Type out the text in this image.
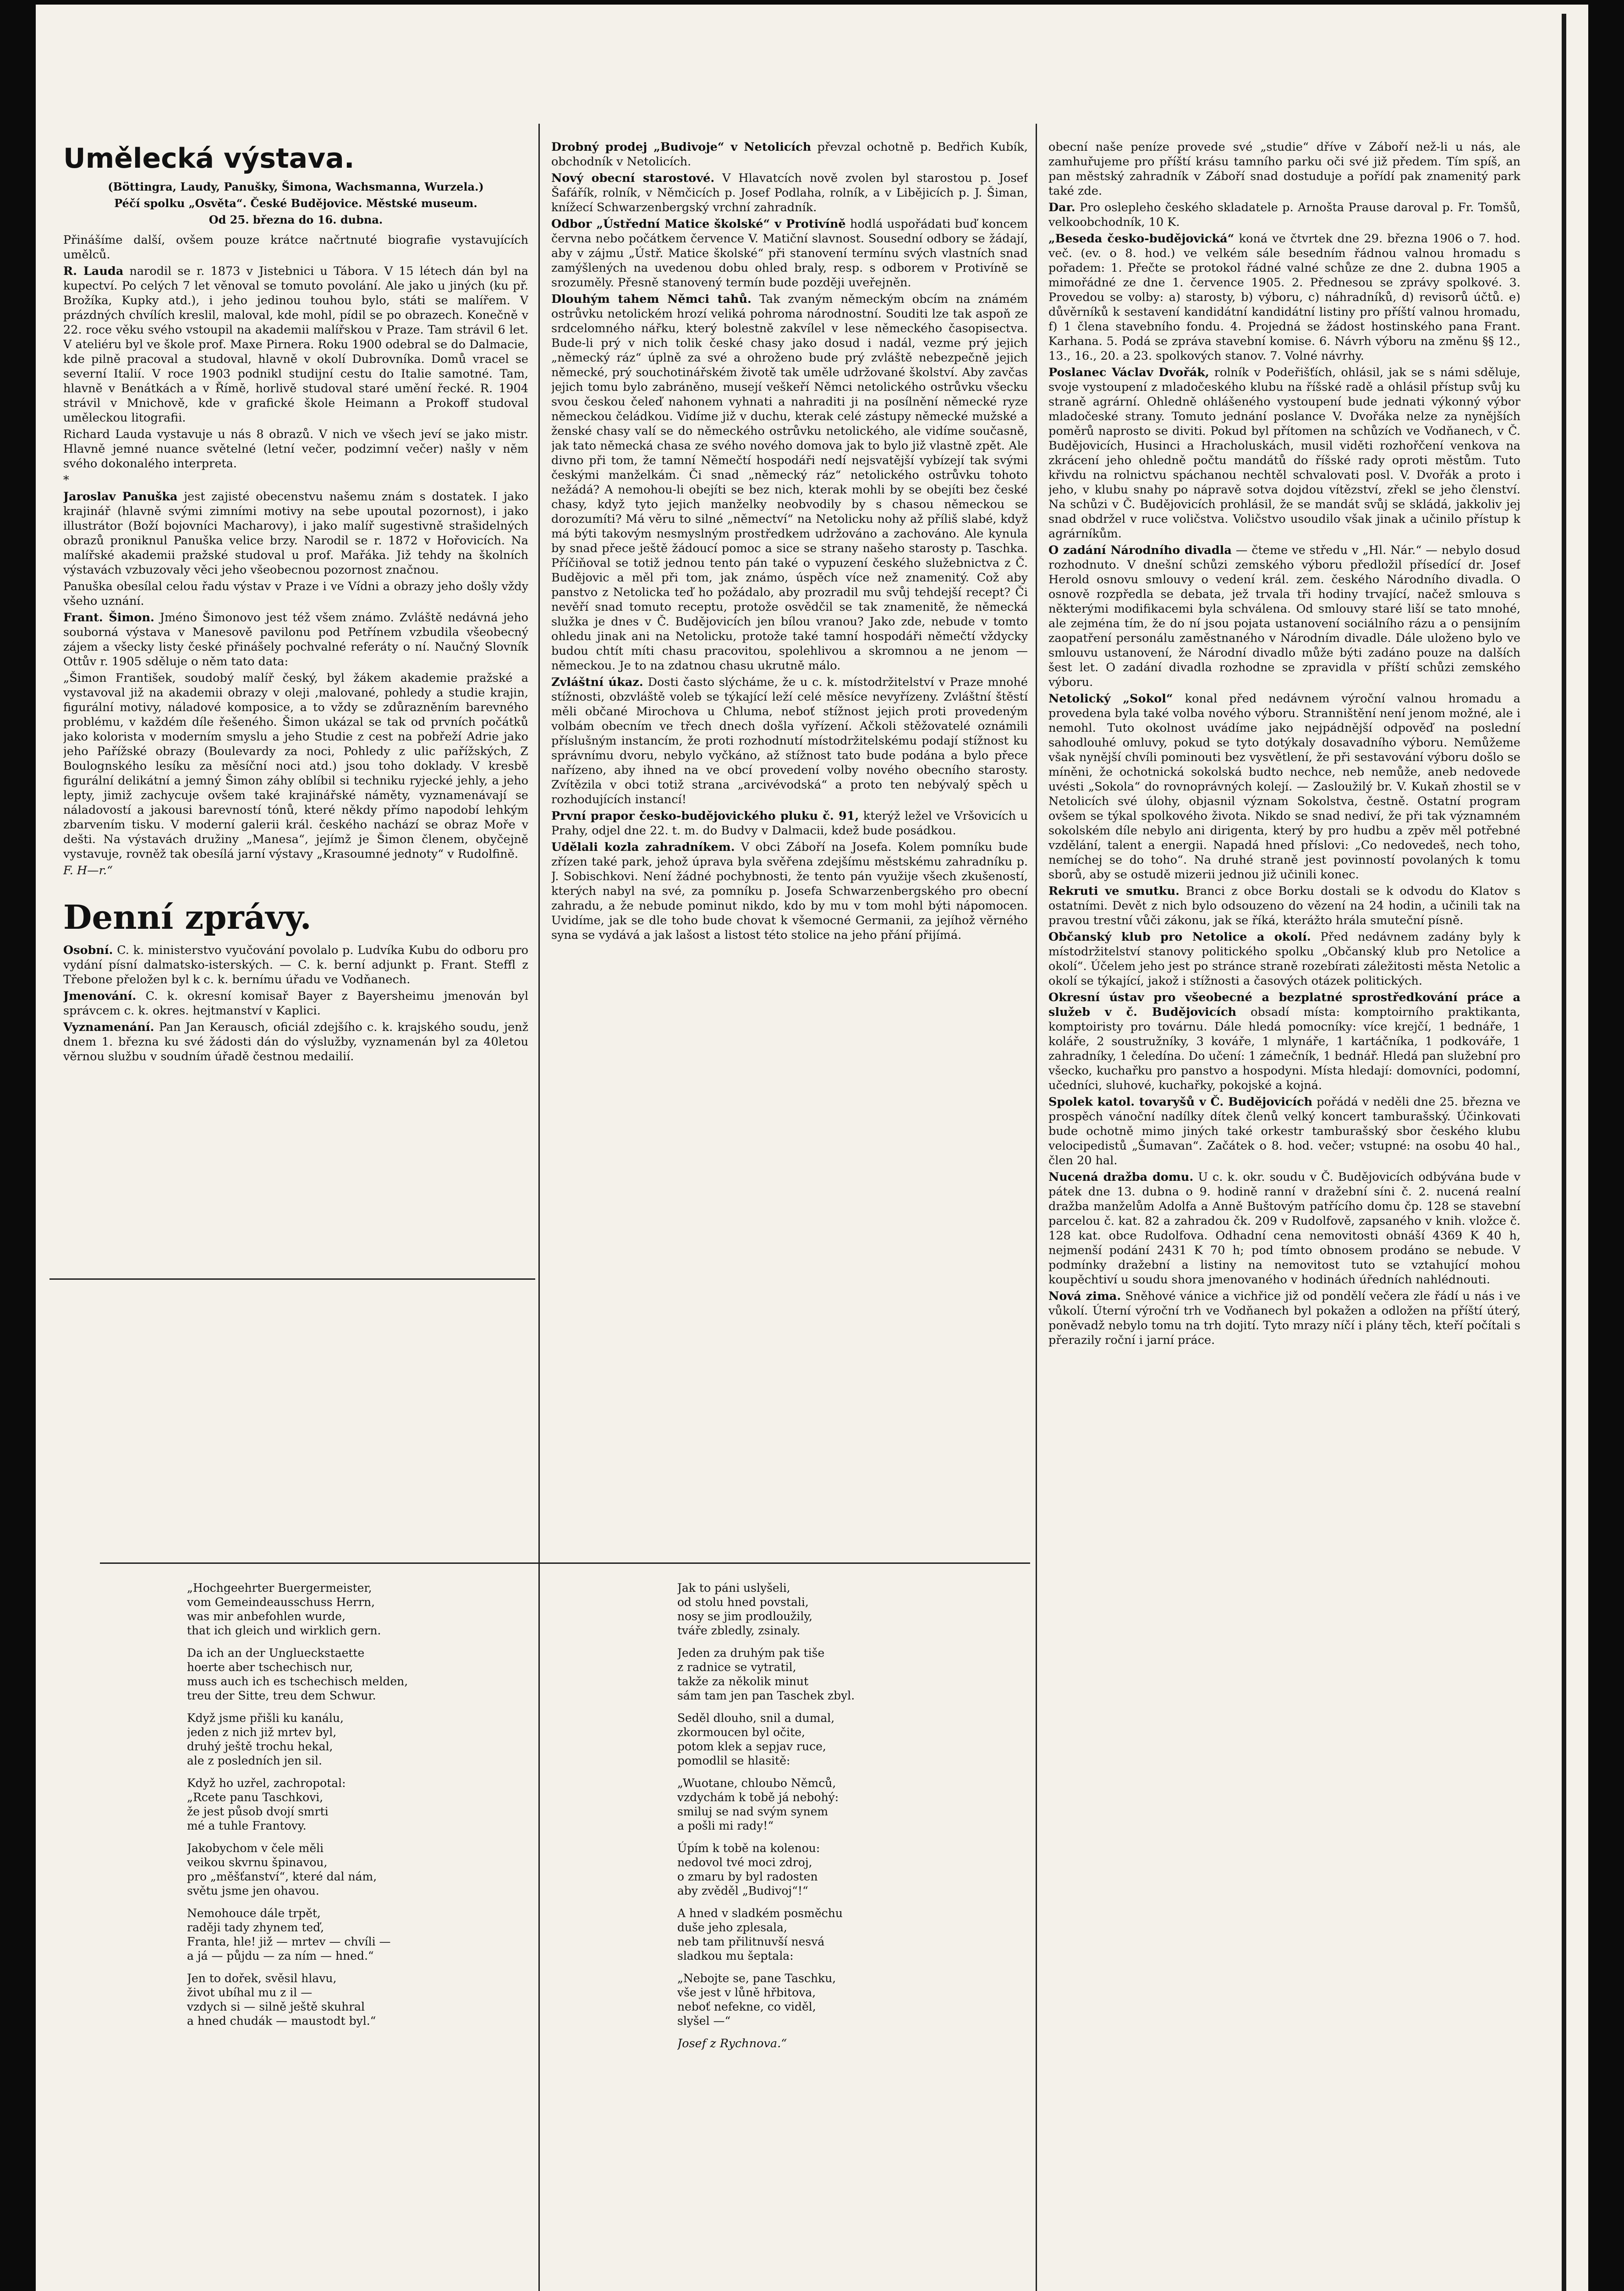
Umělecká výstava.

(Böttingra, Laudy, Panušky, Šimona, Wachsmanna, Wurzela.)

Péčí spolku „Osvěta“. České Budějovice. Městské museum.

Od 25. března do 16. dubna.

Přinášíme další, ovšem pouze krátce načrtnuté biografie vystavujících umělců.

R. Lauda narodil se r. 1873 v Jistebnici u Tábora. V 15 létech dán byl na kupectví. Po celých 7 let věnoval se tomuto povolání. Ale jako u jiných (ku př. Brožíka, Kupky atd.), i jeho jedinou touhou bylo, státi se malířem. V prázdných chvílích kreslil, maloval, kde mohl, pídil se po obrazech. Konečně v 22. roce věku svého vstoupil na akademii malířskou v Praze. Tam strávil 6 let. V ateliéru byl ve škole prof. Maxe Pirnera. Roku 1900 odebral se do Dalmacie, kde pilně pracoval a studoval, hlavně v okolí Dubrovníka. Domů vracel se severní Italií. V roce 1903 podnikl studijní cestu do Italie samotné. Tam, hlavně v Benátkách a v Římě, horlivě studoval staré umění řecké. R. 1904 strávil v Mnichově, kde v grafické škole Heimann a Prokoff studoval uměleckou litografii.

Richard Lauda vystavuje u nás 8 obrazů. V nich ve všech jeví se jako mistr. Hlavně jemné nuance světelné (letní večer, podzimní večer) našly v něm svého dokonalého interpreta.

*

Jaroslav Panuška jest zajisté obecenstvu našemu znám s dostatek. I jako krajinář (hlavně svými zimními motivy na sebe upoutal pozornost), i jako illustrátor (Boží bojovníci Macharovy), i jako malíř sugestivně strašidelných obrazů proniknul Panuška velice brzy. Narodil se r. 1872 v Hořovicích. Na malířské akademii pražské studoval u prof. Mařáka. Již tehdy na školních výstavách vzbuzovaly věci jeho všeobecnou pozornost značnou.

Panuška obesílal celou řadu výstav v Praze i ve Vídni a obrazy jeho došly vždy všeho uznání.

Frant. Šimon. Jméno Šimonovo jest též všem známo. Zvláště nedávná jeho souborná výstava v Manesově pavilonu pod Petřínem vzbudila všeobecný zájem a všecky listy české přinášely pochvalné referáty o ní. Naučný Slovník Ottův r. 1905 sděluje o něm tato data:

„Šimon František, soudobý malíř český, byl žákem akademie pražské a vystavoval již na akademii obrazy v oleji ,malované, pohledy a studie krajin, figurální motivy, náladové komposice, a to vždy se zdůrazněním barevného problému, v každém díle řešeného. Šimon ukázal se tak od prvních počátků jako kolorista v moderním smyslu a jeho Studie z cest na pobřeží Adrie jako jeho Pařížské obrazy (Boulevardy za noci, Pohledy z ulic pařížských, Z Boulognského lesíku za měsíční noci atd.) jsou toho doklady. V kresbě figurální delikátní a jemný Šimon záhy oblíbil si techniku ryjecké jehly, a jeho lepty, jimiž zachycuje ovšem také krajinářské náměty, vyznamenávají se náladovostí a jakousi barevností tónů, které někdy přímo napodobí lehkým zbarvením tisku. V moderní galerii král. českého nachází se obraz Moře v dešti. Na výstavách družiny „Manesa“, jejímž je Šimon členem, obyčejně vystavuje, rovněž tak obesílá jarní výstavy „Krasoumné jednoty“ v Rudolfině.

F. H—r.“

Denní zprávy.

Osobní. C. k. ministerstvo vyučování povolalo p. Ludvíka Kubu do odboru pro vydání písní dalmatsko-isterských. — C. k. berní adjunkt p. Frant. Steffl z Třebone přeložen byl k c. k. bernímu úřadu ve Vodňanech.

Jmenování. C. k. okresní komisař Bayer z Bayersheimu jmenován byl správcem c. k. okres. hejtmanství v Kaplici.

Vyznamenání. Pan Jan Kerausch, oficiál zdejšího c. k. krajského soudu, jenž dnem 1. března ku své žádosti dán do výslužby, vyznamenán byl za 40letou věrnou službu v soudním úřadě čestnou medailií.

„Hochgeehrter Buergermeister,
vom Gemeindeausschuss Herrn,
was mir anbefohlen wurde,
that ich gleich und wirklich gern.
Da ich an der Unglueckstaette
hoerte aber tschechisch nur,
muss auch ich es tschechisch melden,
treu der Sitte, treu dem Schwur.
Když jsme přišli ku kanálu,
jeden z nich již mrtev byl,
druhý ještě trochu hekal,
ale z posledních jen sil.
Když ho uzřel, zachropotal:
„Rcete panu Taschkovi,
že jest působ dvojí smrti
mé a tuhle Frantovy.
Jakobychom v čele měli
veikou skvrnu špinavou,
pro „měšťanství“, které dal nám,
světu jsme jen ohavou.
Nemohouce dále trpět,
raději tady zhynem teď,
Franta, hle! již — mrtev — chvíli —
a já — půjdu — za ním — hned.“
Jen to dořek, svěsil hlavu,
život ubíhal mu z il —
vzdych si — silně ještě skuhral
a hned chudák — maustodt byl.“

Drobný prodej „Budivoje“ v Netolicích převzal ochotně p. Bedřich Kubík, obchodník v Netolicích.

Nový obecní starostové. V Hlavatcích nově zvolen byl starostou p. Josef Šafářík, rolník, v Němčicích p. Josef Podlaha, rolník, a v Libějicích p. J. Šiman, knížecí Schwarzenbergský vrchní zahradník.

Odbor „Ústřední Matice školské“ v Protivíně hodlá uspořádati buď koncem června nebo počátkem července V. Matiční slavnost. Sousední odbory se žádají, aby v zájmu „Ústř. Matice školské“ při stanovení termínu svých vlastních snad zamýšlených na uvedenou dobu ohled braly, resp. s odborem v Protivíně se srozuměly. Přesně stanovený termín bude později uveřejněn.

Dlouhým tahem Němci tahů. Tak zvaným německým obcím na známém ostrůvku netolickém hrozí veliká pohroma národnostní. Souditi lze tak aspoň ze srdcelomného nářku, který bolestně zakvílel v lese německého časopisectva. Bude-li prý v nich tolik české chasy jako dosud i nadál, vezme prý jejich „německý ráz“ úplně za své a ohroženo bude prý zvláště nebezpečně jejich německé, prý souchotinářském životě tak uměle udržované školství. Aby zavčas jejich tomu bylo zabráněno, musejí veškeří Němci netolického ostrůvku všecku svou českou čeleď nahonem vyhnati a nahraditi ji na posílnění německé ryze německou čeládkou. Vidíme již v duchu, kterak celé zástupy německé mužské a ženské chasy valí se do německého ostrůvku netolického, ale vidíme současně, jak tato německá chasa ze svého nového domova jak to bylo již vlastně zpět. Ale divno při tom, že tamní Němečtí hospodáři nedí nejsvatější vybízejí tak svými českými manželkám. Či snad „německý ráz“ netolického ostrůvku tohoto nežádá? A nemohou-li obejíti se bez nich, kterak mohli by se obejíti bez české chasy, když tyto jejich manželky neobvodily by s chasou německou se dorozumíti? Má věru to silné „němectví“ na Netolicku nohy až příliš slabé, když má býti takovým nesmyslným prostředkem udržováno a zachováno. Ale kynula by snad přece ještě žádoucí pomoc a sice se strany našeho starosty p. Taschka. Příčiňoval se totiž jednou tento pán také o vypuzení českého služebnictva z Č. Budějovic a měl při tom, jak známo, úspěch více než znamenitý. Což aby panstvo z Netolicka teď ho požádalo, aby prozradil mu svůj tehdejší recept? Či nevěří snad tomuto receptu, protože osvědčil se tak znamenitě, že německá služka je dnes v Č. Budějovicích jen bílou vranou? Jako zde, nebude v tomto ohledu jinak ani na Netolicku, protože také tamní hospodáři němečtí vždycky budou chtít míti chasu pracovitou, spolehlivou a skromnou a ne jenom — německou. Je to na zdatnou chasu ukrutně málo.

Zvláštní úkaz. Dosti často slýcháme, že u c. k. místodržitelství v Praze mnohé stížnosti, obzvláště voleb se týkající leží celé měsíce nevyřízeny. Zvláštní štěstí měli občané Mirochova u Chluma, neboť stížnost jejich proti provedeným volbám obecním ve třech dnech došla vyřízení. Ačkoli stěžovatelé oznámili příslušným instancím, že proti rozhodnutí místodržitelskému podají stížnost ku správnímu dvoru, nebylo vyčkáno, až stížnost tato bude podána a bylo přece nařízeno, aby ihned na ve obcí provedení volby nového obecního starosty. Zvítězila v obci totiž strana „arcivévodská“ a proto ten nebývalý spěch u rozhodujících instancí!

První prapor česko-budějovického pluku č. 91, kterýž ležel ve Vršovicích u Prahy, odjel dne 22. t. m. do Budvy v Dalmacii, kdež bude posádkou.

Udělali kozla zahradníkem. V obci Záboří na Josefa. Kolem pomníku bude zřízen také park, jehož úprava byla svěřena zdejšímu městskému zahradníku p. J. Sobischkovi. Není žádné pochybnosti, že tento pán využije všech zkušeností, kterých nabyl na své, za pomníku p. Josefa Schwarzenbergského pro obecní zahradu, a že nebude pominut nikdo, kdo by mu v tom mohl býti nápomocen. Uvidíme, jak se dle toho bude chovat k všemocné Germanii, za jejíhož věrného syna se vydává a jak lašost a listost této stolice na jeho přání přijímá.

Jak to páni uslyšeli,
od stolu hned povstali,
nosy se jim prodloužily,
tváře zbledly, zsinaly.
Jeden za druhým pak tiše
z radnice se vytratil,
takže za několik minut
sám tam jen pan Taschek zbyl.
Seděl dlouho, snil a dumal,
zkormoucen byl očite,
potom klek a sepjav ruce,
pomodlil se hlasitě:
„Wuotane, chloubo Němců,
vzdychám k tobě já nebohý:
smiluj se nad svým synem
a pošli mi rady!“
Úpím k tobě na kolenou:
nedovol tvé moci zdroj,
o zmaru by byl radosten
aby zvěděl „Budivoj“!“
A hned v sladkém posměchu
duše jeho zplesala,
neb tam přilitnuvší nesvá
sladkou mu šeptala:
„Nebojte se, pane Taschku,
vše jest v lůně hřbitova,
neboť nefekne, co viděl,
slyšel —“

Josef z Rychnova.“

obecní naše peníze provede své „studie“ dříve v Záboří než-li u nás, ale zamhuřujeme pro příští krásu tamního parku oči své již předem. Tím spíš, an pan městský zahradník v Záboří snad dostuduje a pořídí pak znamenitý park také zde.

Dar. Pro oslepleho českého skladatele p. Arnošta Prause daroval p. Fr. Tomšů, velkoobchodník, 10 K.

„Beseda česko-budějovická“ koná ve čtvrtek dne 29. března 1906 o 7. hod. več. (ev. o 8. hod.) ve velkém sále besedním řádnou valnou hromadu s pořadem: 1. Přečte se protokol řádné valné schůze ze dne 2. dubna 1905 a mimořádné ze dne 1. července 1905. 2. Přednesou se zprávy spolkové. 3. Provedou se volby: a) starosty, b) výboru, c) náhradníků, d) revisorů účtů. e) důvěrníků k sestavení kandidátní kandidátní listiny pro příští valnou hromadu, f) 1 člena stavebního fondu. 4. Projedná se žádost hostinského pana Frant. Karhana. 5. Podá se zpráva stavební komise. 6. Návrh výboru na změnu §§ 12., 13., 16., 20. a 23. spolkových stanov. 7. Volné návrhy.

Poslanec Václav Dvořák, rolník v Podeřišťích, ohlásil, jak se s námi sděluje, svoje vystoupení z mladočeského klubu na říšské radě a ohlásil přístup svůj ku straně agrární. Ohledně ohlášeného vystoupení bude jednati výkonný výbor mladočeské strany. Tomuto jednání poslance V. Dvořáka nelze za nynějších poměrů naprosto se diviti. Pokud byl přítomen na schůzích ve Vodňanech, v Č. Budějovicích, Husinci a Hracholuskách, musil viděti rozhořčení venkova na zkrácení jeho ohledně počtu mandátů do říšské rady oproti městům. Tuto křivdu na rolnictvu spáchanou nechtěl schvalovati posl. V. Dvořák a proto i jeho, v klubu snahy po nápravě sotva dojdou vítězství, zřekl se jeho členství. Na schůzi v Č. Budějovicích prohlásil, že se mandát svůj se skládá, jakkoliv jej snad obdržel v ruce voličstva. Voličstvo usoudilo však jinak a učinilo přístup k agrárníkům.

O zadání Národního divadla — čteme ve středu v „Hl. Nár.“ — nebylo dosud rozhodnuto. V dnešní schůzi zemského výboru předložil přísedící dr. Josef Herold osnovu smlouvy o vedení král. zem. českého Národního divadla. O osnově rozpředla se debata, jež trvala tři hodiny trvající, načež smlouva s některými modifikacemi byla schválena. Od smlouvy staré liší se tato mnohé, ale zejména tím, že do ní jsou pojata ustanovení sociálního rázu a o pensijním zaopatření personálu zaměstnaného v Národním divadle. Dále uloženo bylo ve smlouvu ustanovení, že Národní divadlo může býti zadáno pouze na dalších šest let. O zadání divadla rozhodne se zpravidla v příští schůzi zemského výboru.

Netolický „Sokol“ konal před nedávnem výroční valnou hromadu a provedena byla také volba nového výboru. Stranništění není jenom možné, ale i nemohl. Tuto okolnost uvádíme jako nejpádnější odpověď na poslední sahodlouhé omluvy, pokud se tyto dotýkaly dosavadního výboru. Nemůžeme však nynější chvíli pominouti bez vysvětlení, že při sestavování výboru došlo se míněni, že ochotnická sokolská budto nechce, neb nemůže, aneb nedovede uvésti „Sokola“ do rovnoprávných kolejí. — Zasloužilý br. V. Kukaň zhostil se v Netolicích své úlohy, objasnil význam Sokolstva, čestně. Ostatní program ovšem se týkal spolkového života. Nikdo se snad nediví, že při tak významném sokolském díle nebylo ani dirigenta, který by pro hudbu a zpěv měl potřebné vzdělání, talent a energii. Napadá hned příslovi: „Co nedovedeš, nech toho, nemíchej se do toho“. Na druhé straně jest povinností povolaných k tomu sborů, aby se ostudě mizerii jednou již učinili konec.

Rekruti ve smutku. Branci z obce Borku dostali se k odvodu do Klatov s ostatními. Devět z nich bylo odsouzeno do vězení na 24 hodin, a učinili tak na pravou trestní vůči zákonu, jak se říká, kterážto hrála smuteční písně.

Občanský klub pro Netolice a okolí. Před nedávnem zadány byly k místodržitelství stanovy politického spolku „Občanský klub pro Netolice a okolí“. Účelem jeho jest po stránce straně rozebírati záležitosti města Netolic a okolí se týkající, jakož i stížnosti a časových otázek politických.

Okresní ústav pro všeobecné a bezplatné sprostředkování práce a služeb v č. Budějovicích obsadí místa: komptoirního praktikanta, komptoiristy pro továrnu. Dále hledá pomocníky: více krejčí, 1 bednáře, 1 koláře, 2 soustružníky, 3 kováře, 1 mlynáře, 1 kartáčníka, 1 podkováře, 1 zahradníky, 1 čeledína. Do učení: 1 zámečník, 1 bednář. Hledá pan služební pro všecko, kuchařku pro panstvo a hospodyni. Místa hledají: domovníci, podomní, učedníci, sluhové, kuchařky, pokojské a kojná.

Spolek katol. tovaryšů v Č. Budějovicích pořádá v neděli dne 25. března ve prospěch vánoční nadílky dítek členů velký koncert tamburašský. Účinkovati bude ochotně mimo jiných také orkestr tamburašský sbor českého klubu velocipedistů „Šumavan“. Začátek o 8. hod. večer; vstupné: na osobu 40 hal., člen 20 hal.

Nucená dražba domu. U c. k. okr. soudu v Č. Budějovicích odbývána bude v pátek dne 13. dubna o 9. hodině ranní v dražební síni č. 2. nucená realní dražba manželům Adolfa a Anně Buštovým patřícího domu čp. 128 se stavební parcelou č. kat. 82 a zahradou čk. 209 v Rudolfově, zapsaného v knih. vložce č. 128 kat. obce Rudolfova. Odhadní cena nemovitosti obnáší 4369 K 40 h, nejmenší podání 2431 K 70 h; pod tímto obnosem prodáno se nebude. V podmínky dražební a listiny na nemovitost tuto se vztahující mohou koupěchtiví u soudu shora jmenovaného v hodinách úředních nahlédnouti.

Nová zima. Sněhové vánice a vichřice již od pondělí večera zle řádí u nás i ve vůkolí. Úterní výroční trh ve Vodňanech byl pokažen a odložen na příští úterý, poněvadž nebylo tomu na trh dojití. Tyto mrazy níčí i plány těch, kteří počítali s přerazily roční i jarní práce.
